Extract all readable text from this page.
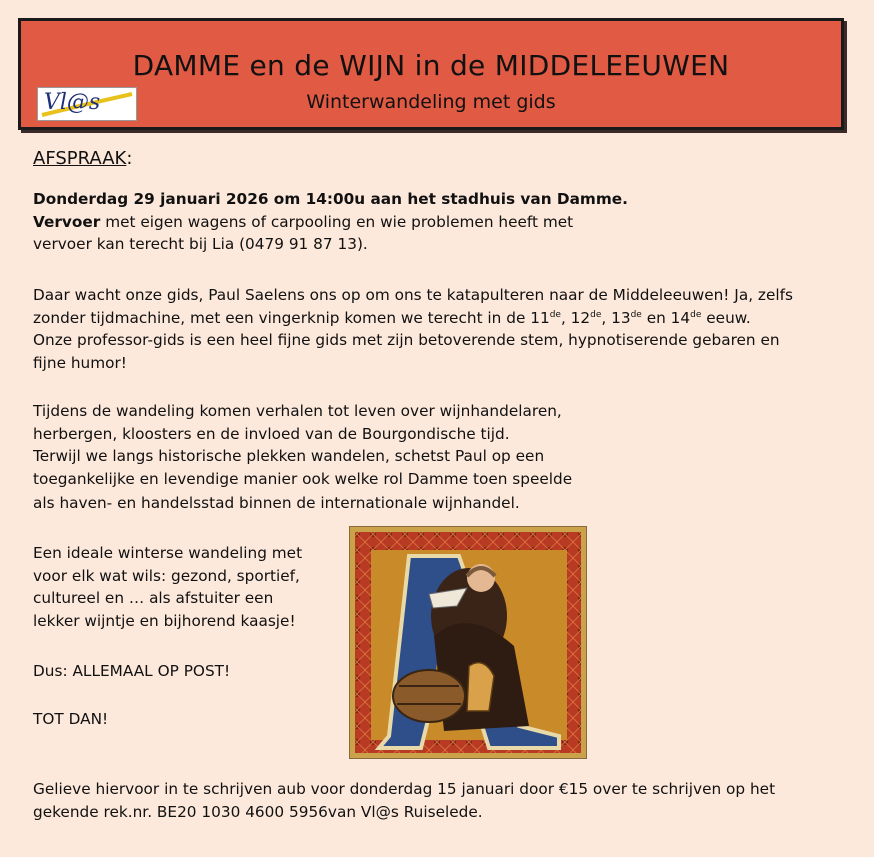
DAMME en de WIJN in de MIDDELEEUWEN
Winterwandeling met gids
Vl@s
AFSPRAAK:
Donderdag 29 januari 2026 om 14:00u aan het stadhuis van Damme.
Vervoer met eigen wagens of carpooling en wie problemen heeft met
vervoer kan terecht bij Lia (0479 91 87 13).
Daar wacht onze gids, Paul Saelens ons op om ons te katapulteren naar de Middeleeuwen! Ja, zelfs
zonder tijdmachine, met een vingerknip komen we terecht in de 11de, 12de, 13de en 14de eeuw.
Onze professor-gids is een heel fijne gids met zijn betoverende stem, hypnotiserende gebaren en
fijne humor!
Tijdens de wandeling komen verhalen tot leven over wijnhandelaren,
herbergen, kloosters en de invloed van de Bourgondische tijd.
Terwijl we langs historische plekken wandelen, schetst Paul op een
toegankelijke en levendige manier ook welke rol Damme toen speelde
als haven- en handelsstad binnen de internationale wijnhandel.
Een ideale winterse wandeling met
voor elk wat wils: gezond, sportief,
cultureel en … als afstuiter een
lekker wijntje en bijhorend kaasje!
Dus: ALLEMAAL OP POST!
TOT DAN!
Gelieve hiervoor in te schrijven aub voor donderdag 15 januari door €15 over te schrijven op het
gekende rek.nr. BE20 1030 4600 5956van Vl@s Ruiselede.
